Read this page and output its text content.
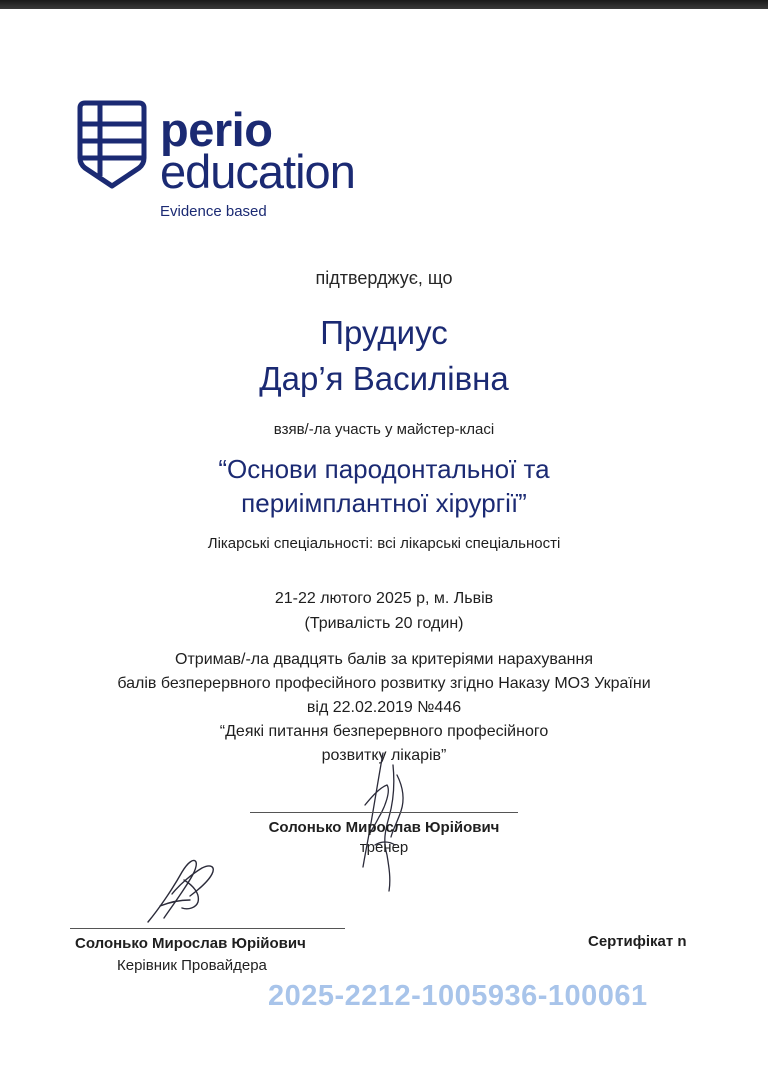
perio
education
Evidence based
підтверджує, що
Прудиус
Дар’я Василівна
взяв/-ла участь у майстер-класі
“Основи пародонтальної та
периімплантної хірургії”
Лікарські спеціальності: всі лікарські спеціальності
21-22 лютого 2025 р, м. Львів
(Тривалість 20 годин)
Отримав/-ла двадцять балів за критеріями нарахування
балів безперервного професійного розвитку згідно Наказу МОЗ України
від 22.02.2019 №446
“Деякі питання безперервного професійного
розвитку лікарів”
Солонько Мирослав Юрійович
тренер
Солонько Мирослав Юрійович
Керівник Провайдера
Сертифікат n
2025-2212-1005936-100061
